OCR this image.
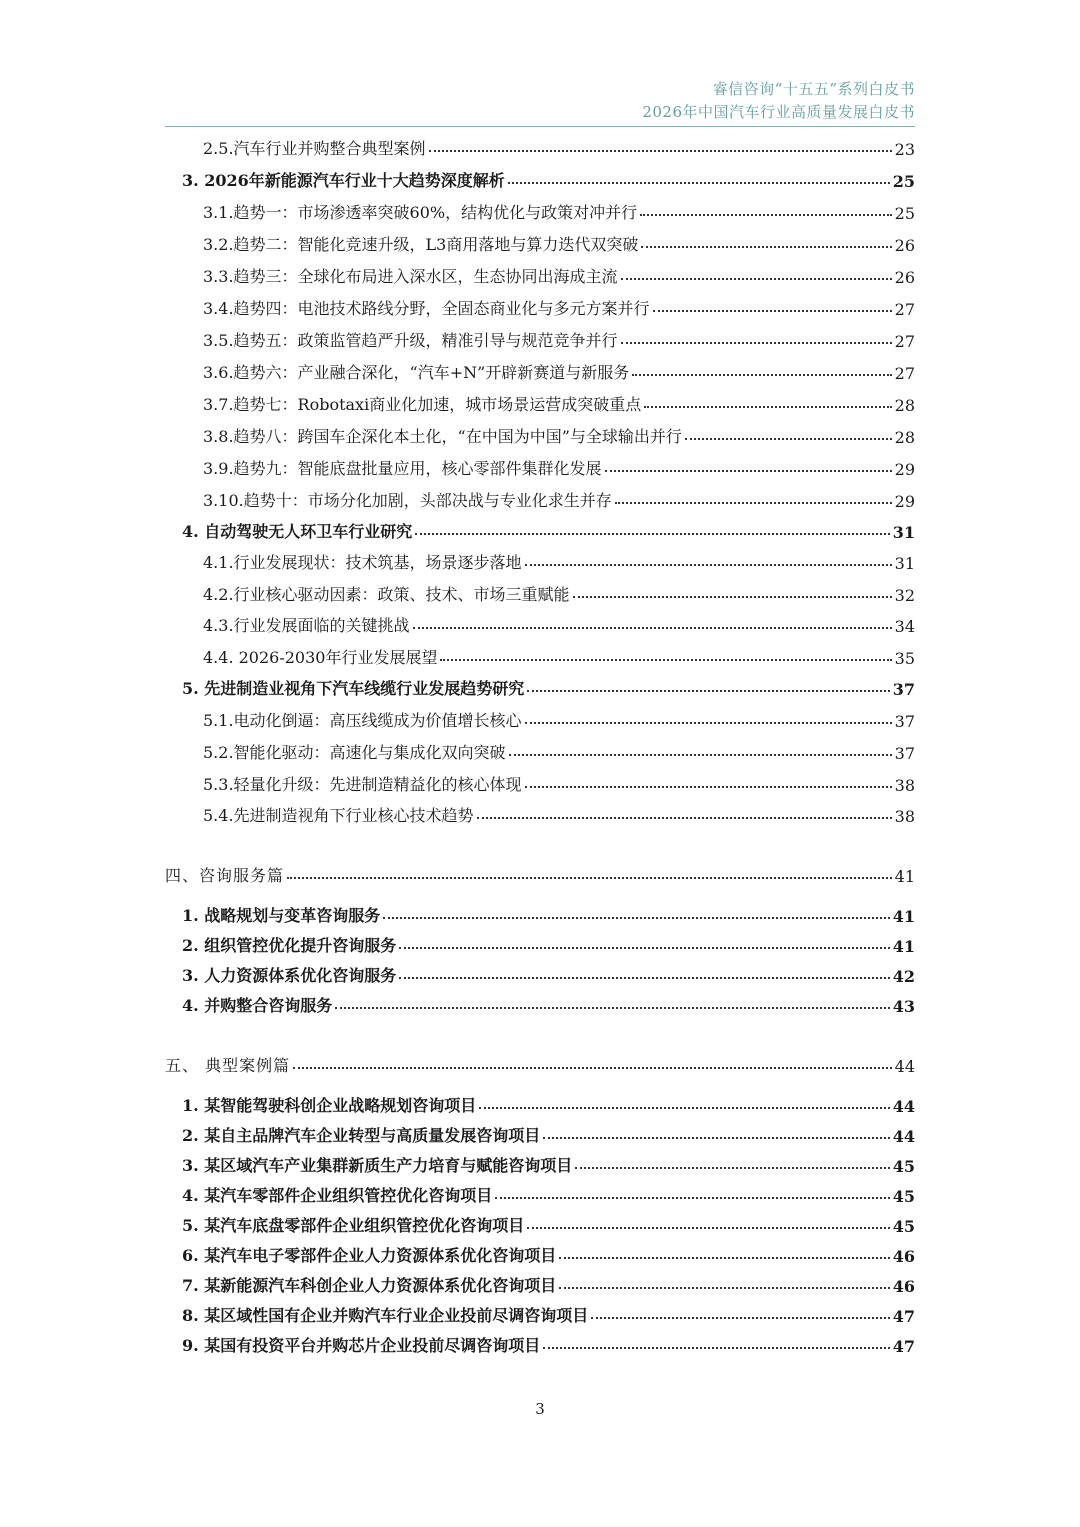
睿信咨询“十五五”系列白皮书
2026年中国汽车行业高质量发展白皮书
2.5.汽车行业并购整合典型案例	23
3. 2026年新能源汽车行业十大趋势深度解析	25
3.1.趋势一：市场渗透率突破60%，结构优化与政策对冲并行	25
3.2.趋势二：智能化竞速升级，L3商用落地与算力迭代双突破	26
3.3.趋势三：全球化布局进入深水区，生态协同出海成主流	26
3.4.趋势四：电池技术路线分野，全固态商业化与多元方案并行	27
3.5.趋势五：政策监管趋严升级，精准引导与规范竞争并行	27
3.6.趋势六：产业融合深化，“汽车+N”开辟新赛道与新服务	27
3.7.趋势七：Robotaxi商业化加速，城市场景运营成突破重点	28
3.8.趋势八：跨国车企深化本土化，“在中国为中国”与全球输出并行	28
3.9.趋势九：智能底盘批量应用，核心零部件集群化发展	29
3.10.趋势十：市场分化加剧，头部决战与专业化求生并存	29
4. 自动驾驶无人环卫车行业研究	31
4.1.行业发展现状：技术筑基，场景逐步落地	31
4.2.行业核心驱动因素：政策、技术、市场三重赋能	32
4.3.行业发展面临的关键挑战	34
4.4. 2026-2030年行业发展展望	35
5. 先进制造业视角下汽车线缆行业发展趋势研究	37
5.1.电动化倒逼：高压线缆成为价值增长核心	37
5.2.智能化驱动：高速化与集成化双向突破	37
5.3.轻量化升级：先进制造精益化的核心体现	38
5.4.先进制造视角下行业核心技术趋势	38
四、咨询服务篇	41
1. 战略规划与变革咨询服务	41
2. 组织管控优化提升咨询服务	41
3. 人力资源体系优化咨询服务	42
4. 并购整合咨询服务	43
五、 典型案例篇	44
1. 某智能驾驶科创企业战略规划咨询项目	44
2. 某自主品牌汽车企业转型与高质量发展咨询项目	44
3. 某区域汽车产业集群新质生产力培育与赋能咨询项目	45
4. 某汽车零部件企业组织管控优化咨询项目	45
5. 某汽车底盘零部件企业组织管控优化咨询项目	45
6. 某汽车电子零部件企业人力资源体系优化咨询项目	46
7. 某新能源汽车科创企业人力资源体系优化咨询项目	46
8. 某区域性国有企业并购汽车行业企业投前尽调咨询项目	47
9. 某国有投资平台并购芯片企业投前尽调咨询项目	47
3
